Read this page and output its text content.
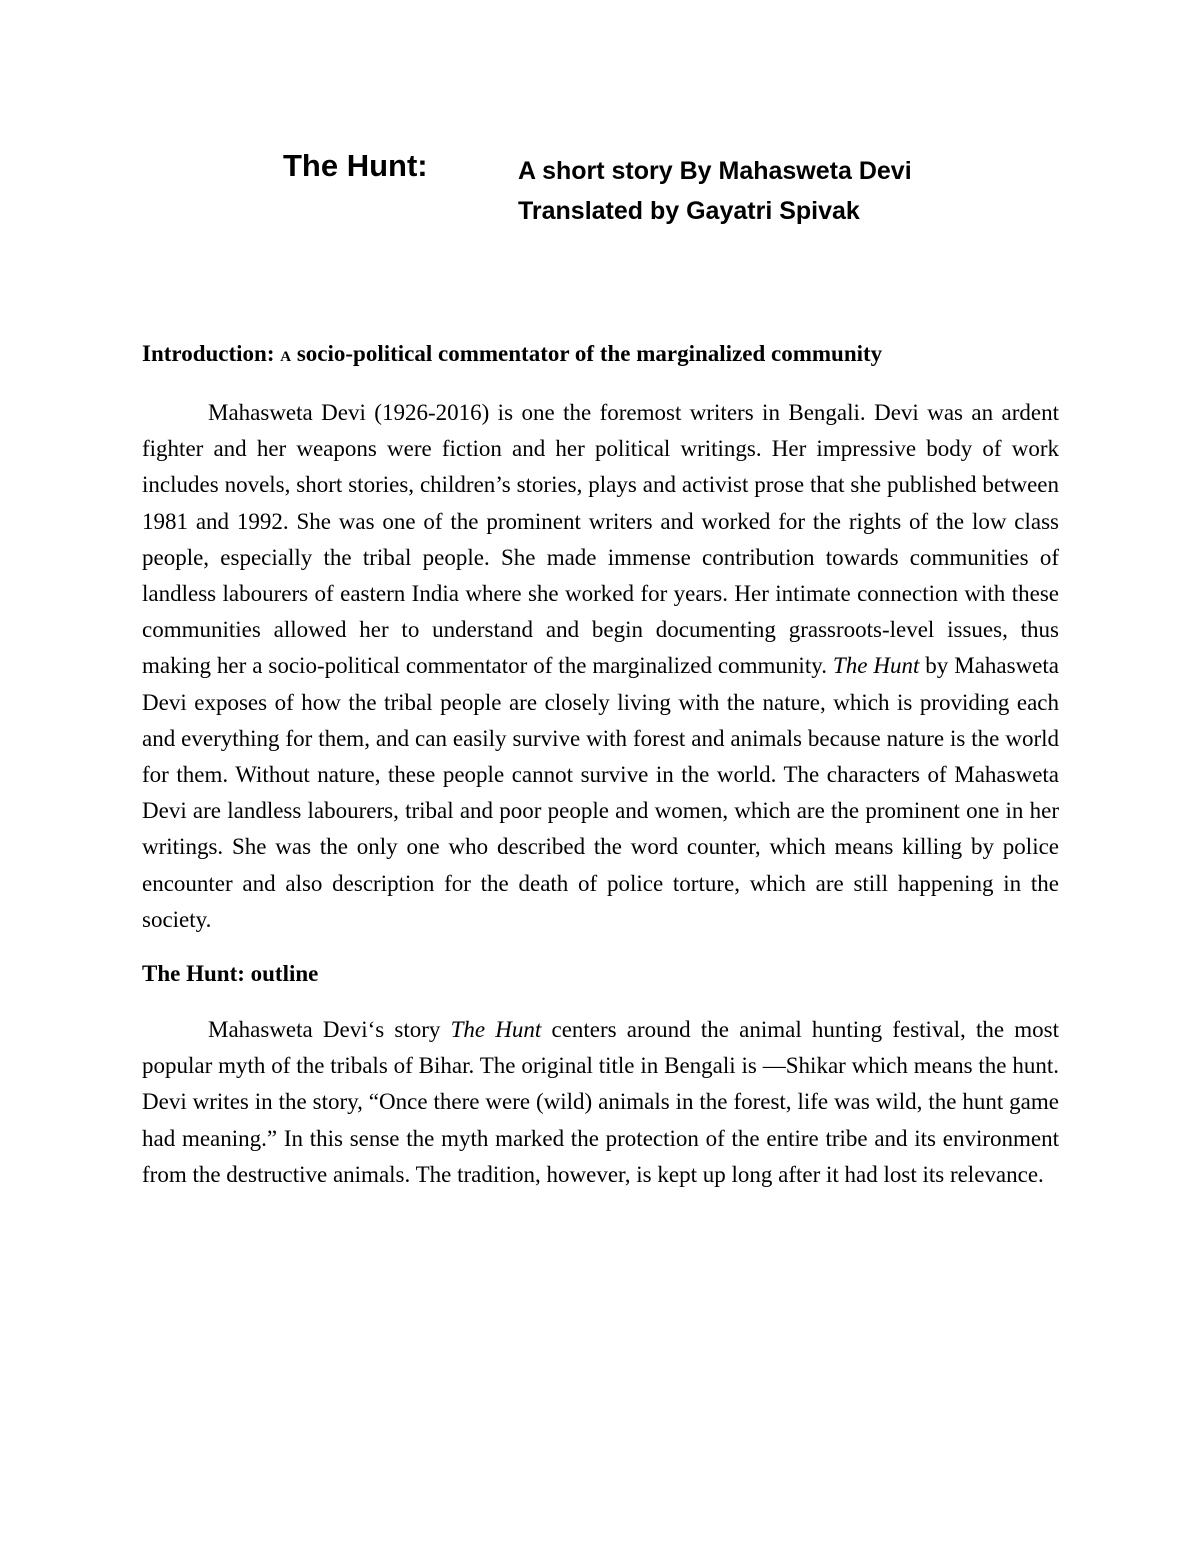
The Hunt:	A short story By Mahasweta Devi
Translated by Gayatri Spivak
Introduction: A socio-political commentator of the marginalized community

Mahasweta Devi (1926-2016) is one the foremost writers in Bengali. Devi was an ardent fighter and her weapons were fiction and her political writings. Her impressive body of work includes novels, short stories, children’s stories, plays and activist prose that she published between 1981 and 1992. She was one of the prominent writers and worked for the rights of the low class people, especially the tribal people. She made immense contribution towards communities of landless labourers of eastern India where she worked for years. Her intimate connection with these communities allowed her to understand and begin documenting grassroots-level issues, thus making her a socio-political commentator of the marginalized community. The Hunt by Mahasweta Devi exposes of how the tribal people are closely living with the nature, which is providing each and everything for them, and can easily survive with forest and animals because nature is the world for them. Without nature, these people cannot survive in the world. The characters of Mahasweta Devi are landless labourers, tribal and poor people and women, which are the prominent one in her writings. She was the only one who described the word counter, which means killing by police encounter and also description for the death of police torture, which are still happening in the society.

The Hunt: outline

Mahasweta Devi‘s story The Hunt centers around the animal hunting festival, the most popular myth of the tribals of Bihar. The original title in Bengali is ―Shikar which means the hunt. Devi writes in the story, “Once there were (wild) animals in the forest, life was wild, the hunt game had meaning.” In this sense the myth marked the protection of the entire tribe and its environment from the destructive animals. The tradition, however, is kept up long after it had lost its relevance.
